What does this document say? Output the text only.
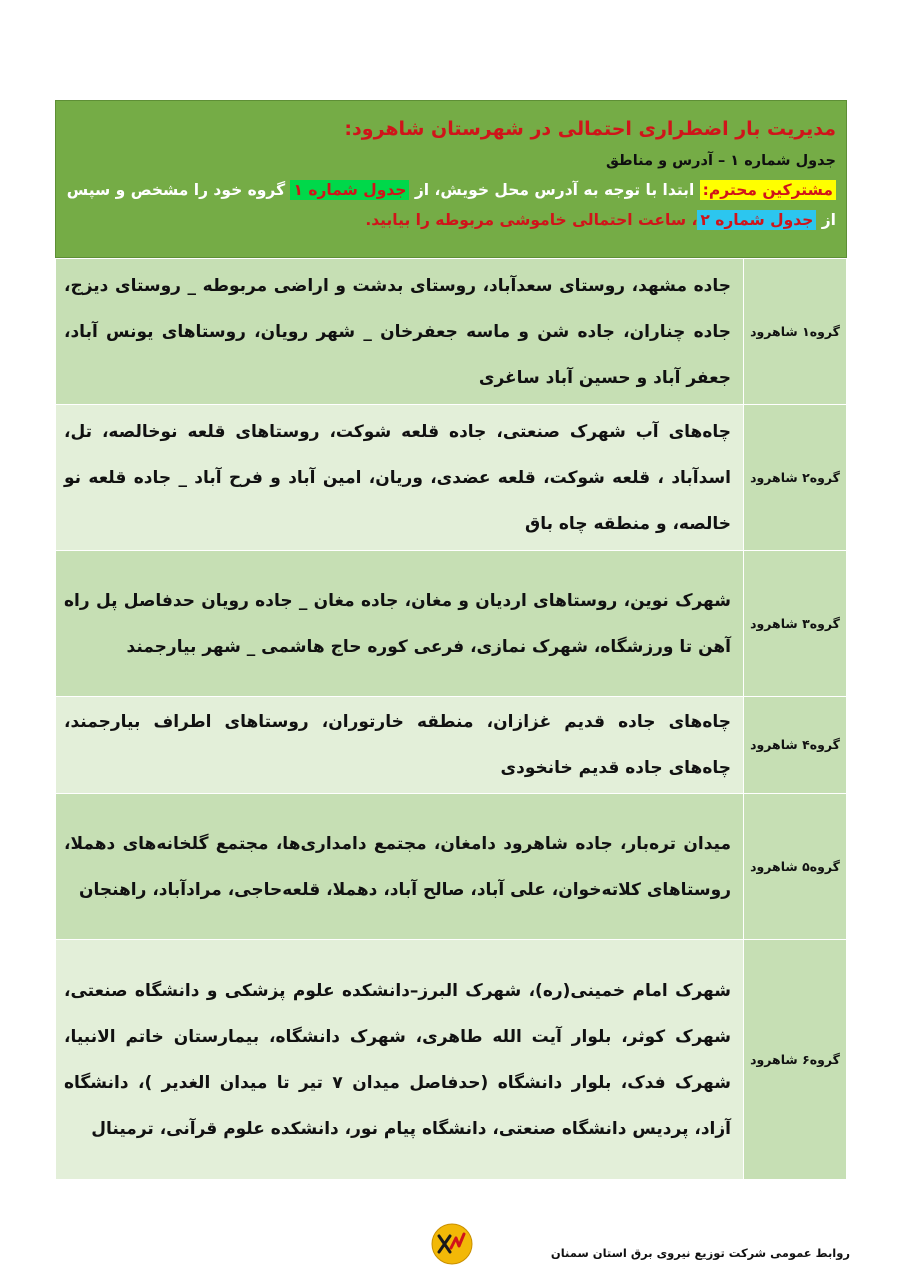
مدیریت بار اضطراری احتمالی در شهرستان شاهرود:
جدول شماره ۱ – آدرس و مناطق
مشترکین محترم: ابتدا با توجه به آدرس محل خویش، از جدول شماره ۱ گروه خود را مشخص و سپس از جدول شماره ۲، ساعت احتمالی خاموشی مربوطه را بیابید.
گروه۱ شاهرود	جاده مشهد، روستای سعدآباد، روستای بدشت و اراضی مربوطه _ روستای دیزج، جاده چناران، جاده شن و ماسه جعفرخان _ شهر رویان، روستاهای یونس آباد، جعفر آباد و حسین آباد ساغری
گروه۲ شاهرود	چاه‌های آب شهرک صنعتی، جاده قلعه شوکت، روستاهای قلعه نوخالصه، تل، اسدآباد ، قلعه شوکت، قلعه عضدی، وریان، امین آباد و فرح آباد _ جاده قلعه نو خالصه، و منطقه چاه باق
گروه۳ شاهرود	شهرک نوین، روستاهای اردیان و مغان، جاده مغان _ جاده رویان حدفاصل پل راه آهن تا ورزشگاه، شهرک نمازی، فرعی کوره حاج هاشمی _ شهر بیارجمند
گروه۴ شاهرود	چاه‌های جاده قدیم غزازان، منطقه خارتوران، روستاهای اطراف بیارجمند، چاه‌های جاده قدیم خانخودی
گروه۵ شاهرود	میدان تره‌بار، جاده شاهرود دامغان، مجتمع دامداری‌ها، مجتمع گلخانه‌های دهملا، روستاهای کلاته‌خوان، علی آباد، صالح آباد، دهملا، قلعه‌حاجی، مرادآباد، راهنجان
گروه۶ شاهرود	شهرک امام خمینی(ره)، شهرک البرز–دانشکده علوم پزشکی و دانشگاه صنعتی، شهرک کوثر، بلوار آیت الله طاهری، شهرک دانشگاه، بیمارستان خاتم الانبیا، شهرک فدک، بلوار دانشگاه (حدفاصل میدان ۷ تیر تا میدان الغدیر )، دانشگاه آزاد، پردیس دانشگاه صنعتی، دانشگاه پیام نور، دانشکده علوم قرآنی، ترمینال
روابط عمومی شرکت توزیع نیروی برق استان سمنان
